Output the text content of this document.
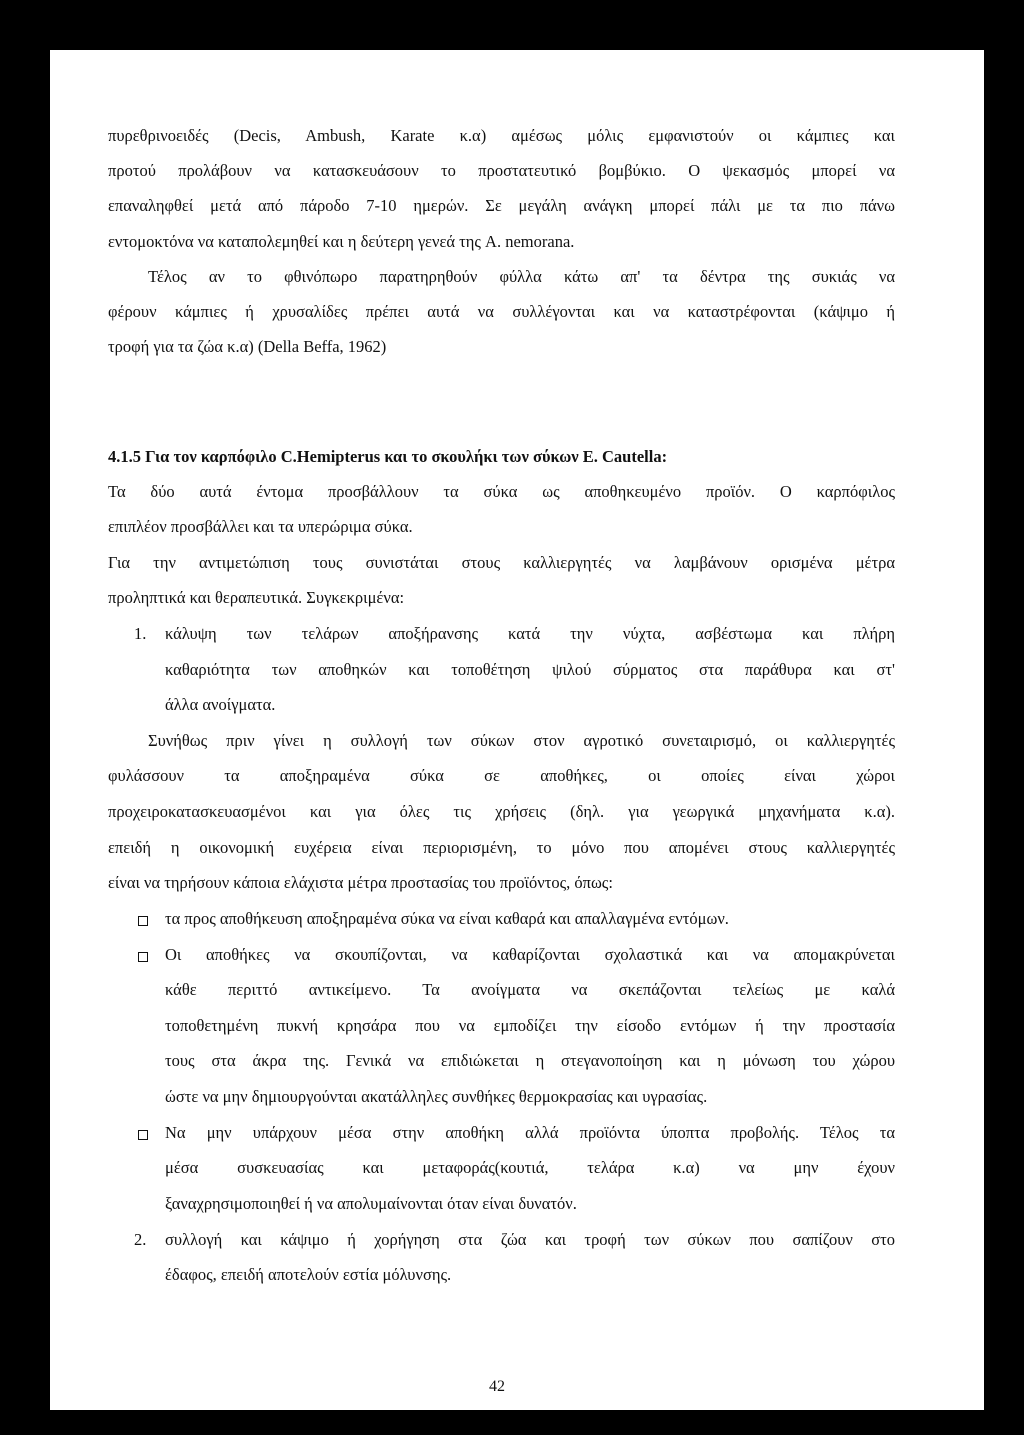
πυρεθρινοειδές (Decis, Ambush, Karate κ.α) αμέσως μόλις εμφανιστούν οι κάμπιες και
προτού προλάβουν να κατασκευάσουν το προστατευτικό βομβύκιο. Ο ψεκασμός μπορεί να
επαναληφθεί μετά από πάροδο 7-10 ημερών. Σε μεγάλη ανάγκη μπορεί πάλι με τα πιο πάνω
εντομοκτόνα να καταπολεμηθεί και η δεύτερη γενεά της A. nemorana.
Τέλος αν το φθινόπωρο παρατηρηθούν φύλλα κάτω απ' τα δέντρα της συκιάς να
φέρουν κάμπιες ή χρυσαλίδες πρέπει αυτά να συλλέγονται και να καταστρέφονται (κάψιμο ή
τροφή για τα ζώα κ.α) (Della Beffa, 1962)
4.1.5 Για τον καρπόφιλο C.Hemipterus και το σκουλήκι των σύκων E. Cautella:
Τα δύο αυτά έντομα προσβάλλουν τα σύκα ως αποθηκευμένο προϊόν. Ο καρπόφιλος
επιπλέον προσβάλλει και τα υπερώριμα σύκα.
Για την αντιμετώπιση τους συνιστάται στους καλλιεργητές να λαμβάνουν ορισμένα μέτρα
προληπτικά και θεραπευτικά. Συγκεκριμένα:
1. κάλυψη των τελάρων αποξήρανσης κατά την νύχτα, ασβέστωμα και πλήρη
καθαριότητα των αποθηκών και τοποθέτηση ψιλού σύρματος στα παράθυρα και στ'
άλλα ανοίγματα.
Συνήθως πριν γίνει η συλλογή των σύκων στον αγροτικό συνεταιρισμό, οι καλλιεργητές
φυλάσσουν τα αποξηραμένα σύκα σε αποθήκες, οι οποίες είναι χώροι
προχειροκατασκευασμένοι και για όλες τις χρήσεις (δηλ. για γεωργικά μηχανήματα κ.α).
επειδή η οικονομική ευχέρεια είναι περιορισμένη, το μόνο που απομένει στους καλλιεργητές
είναι να τηρήσουν κάποια ελάχιστα μέτρα προστασίας του προϊόντος, όπως:
τα προς αποθήκευση αποξηραμένα σύκα να είναι καθαρά και απαλλαγμένα εντόμων.
Οι αποθήκες να σκουπίζονται, να καθαρίζονται σχολαστικά και να απομακρύνεται
κάθε περιττό αντικείμενο. Τα ανοίγματα να σκεπάζονται τελείως με καλά
τοποθετημένη πυκνή κρησάρα που να εμποδίζει την είσοδο εντόμων ή την προστασία
τους στα άκρα της. Γενικά να επιδιώκεται η στεγανοποίηση και η μόνωση του χώρου
ώστε να μην δημιουργούνται ακατάλληλες συνθήκες θερμοκρασίας και υγρασίας.
Να μην υπάρχουν μέσα στην αποθήκη αλλά προϊόντα ύποπτα προβολής. Τέλος τα
μέσα συσκευασίας και μεταφοράς(κουτιά, τελάρα κ.α) να μην έχουν
ξαναχρησιμοποιηθεί ή να απολυμαίνονται όταν είναι δυνατόν.
2. συλλογή και κάψιμο ή χορήγηση στα ζώα και τροφή των σύκων που σαπίζουν στο
έδαφος, επειδή αποτελούν εστία μόλυνσης.
42
